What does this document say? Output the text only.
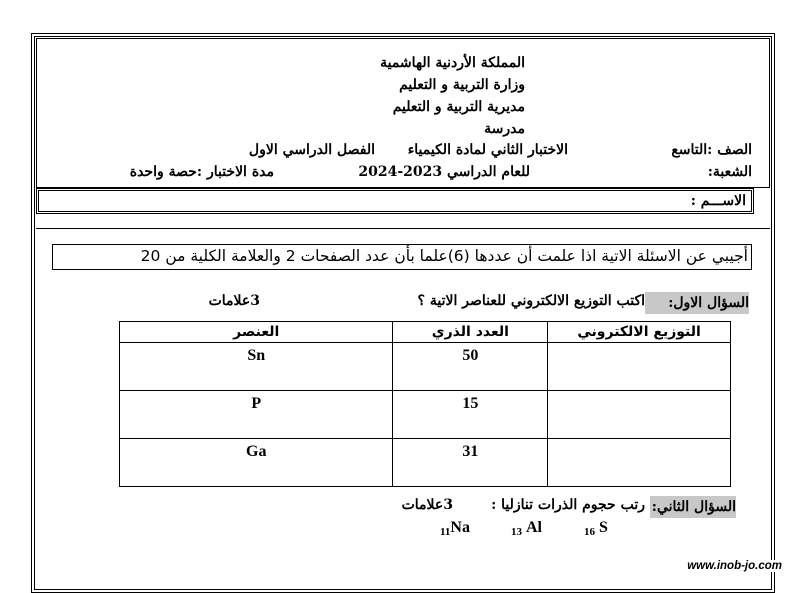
المملكة الأردنية الهاشمية
وزارة التربية و التعليم
مديرية التربية و التعليم
مدرسة
الصف :التاسع
الاختبار الثاني لمادة الكيمياء
الفصل الدراسي الاول
الشعبة:
للعام الدراسي 2023-2024
مدة الاختبار :حصة واحدة
الاســـم :
أجيبي عن الاسئلة الاتية اذا علمت أن عددها (6)علما بأن عدد الصفحات 2 والعلامة الكلية من 20
السؤال الاول:
اكتب التوزيع الالكتروني للعناصر الاتية ؟
3علامات
العنصر	العدد الذري	التوزيع الالكتروني
Sn	50	
P	15	
Ga	31	
السؤال الثاني:
رتب حجوم الذرات تنازليا :
3علامات
$_{11}$Na	$_{13}$ Al	$_{16}$ S
www.inob-jo.com
